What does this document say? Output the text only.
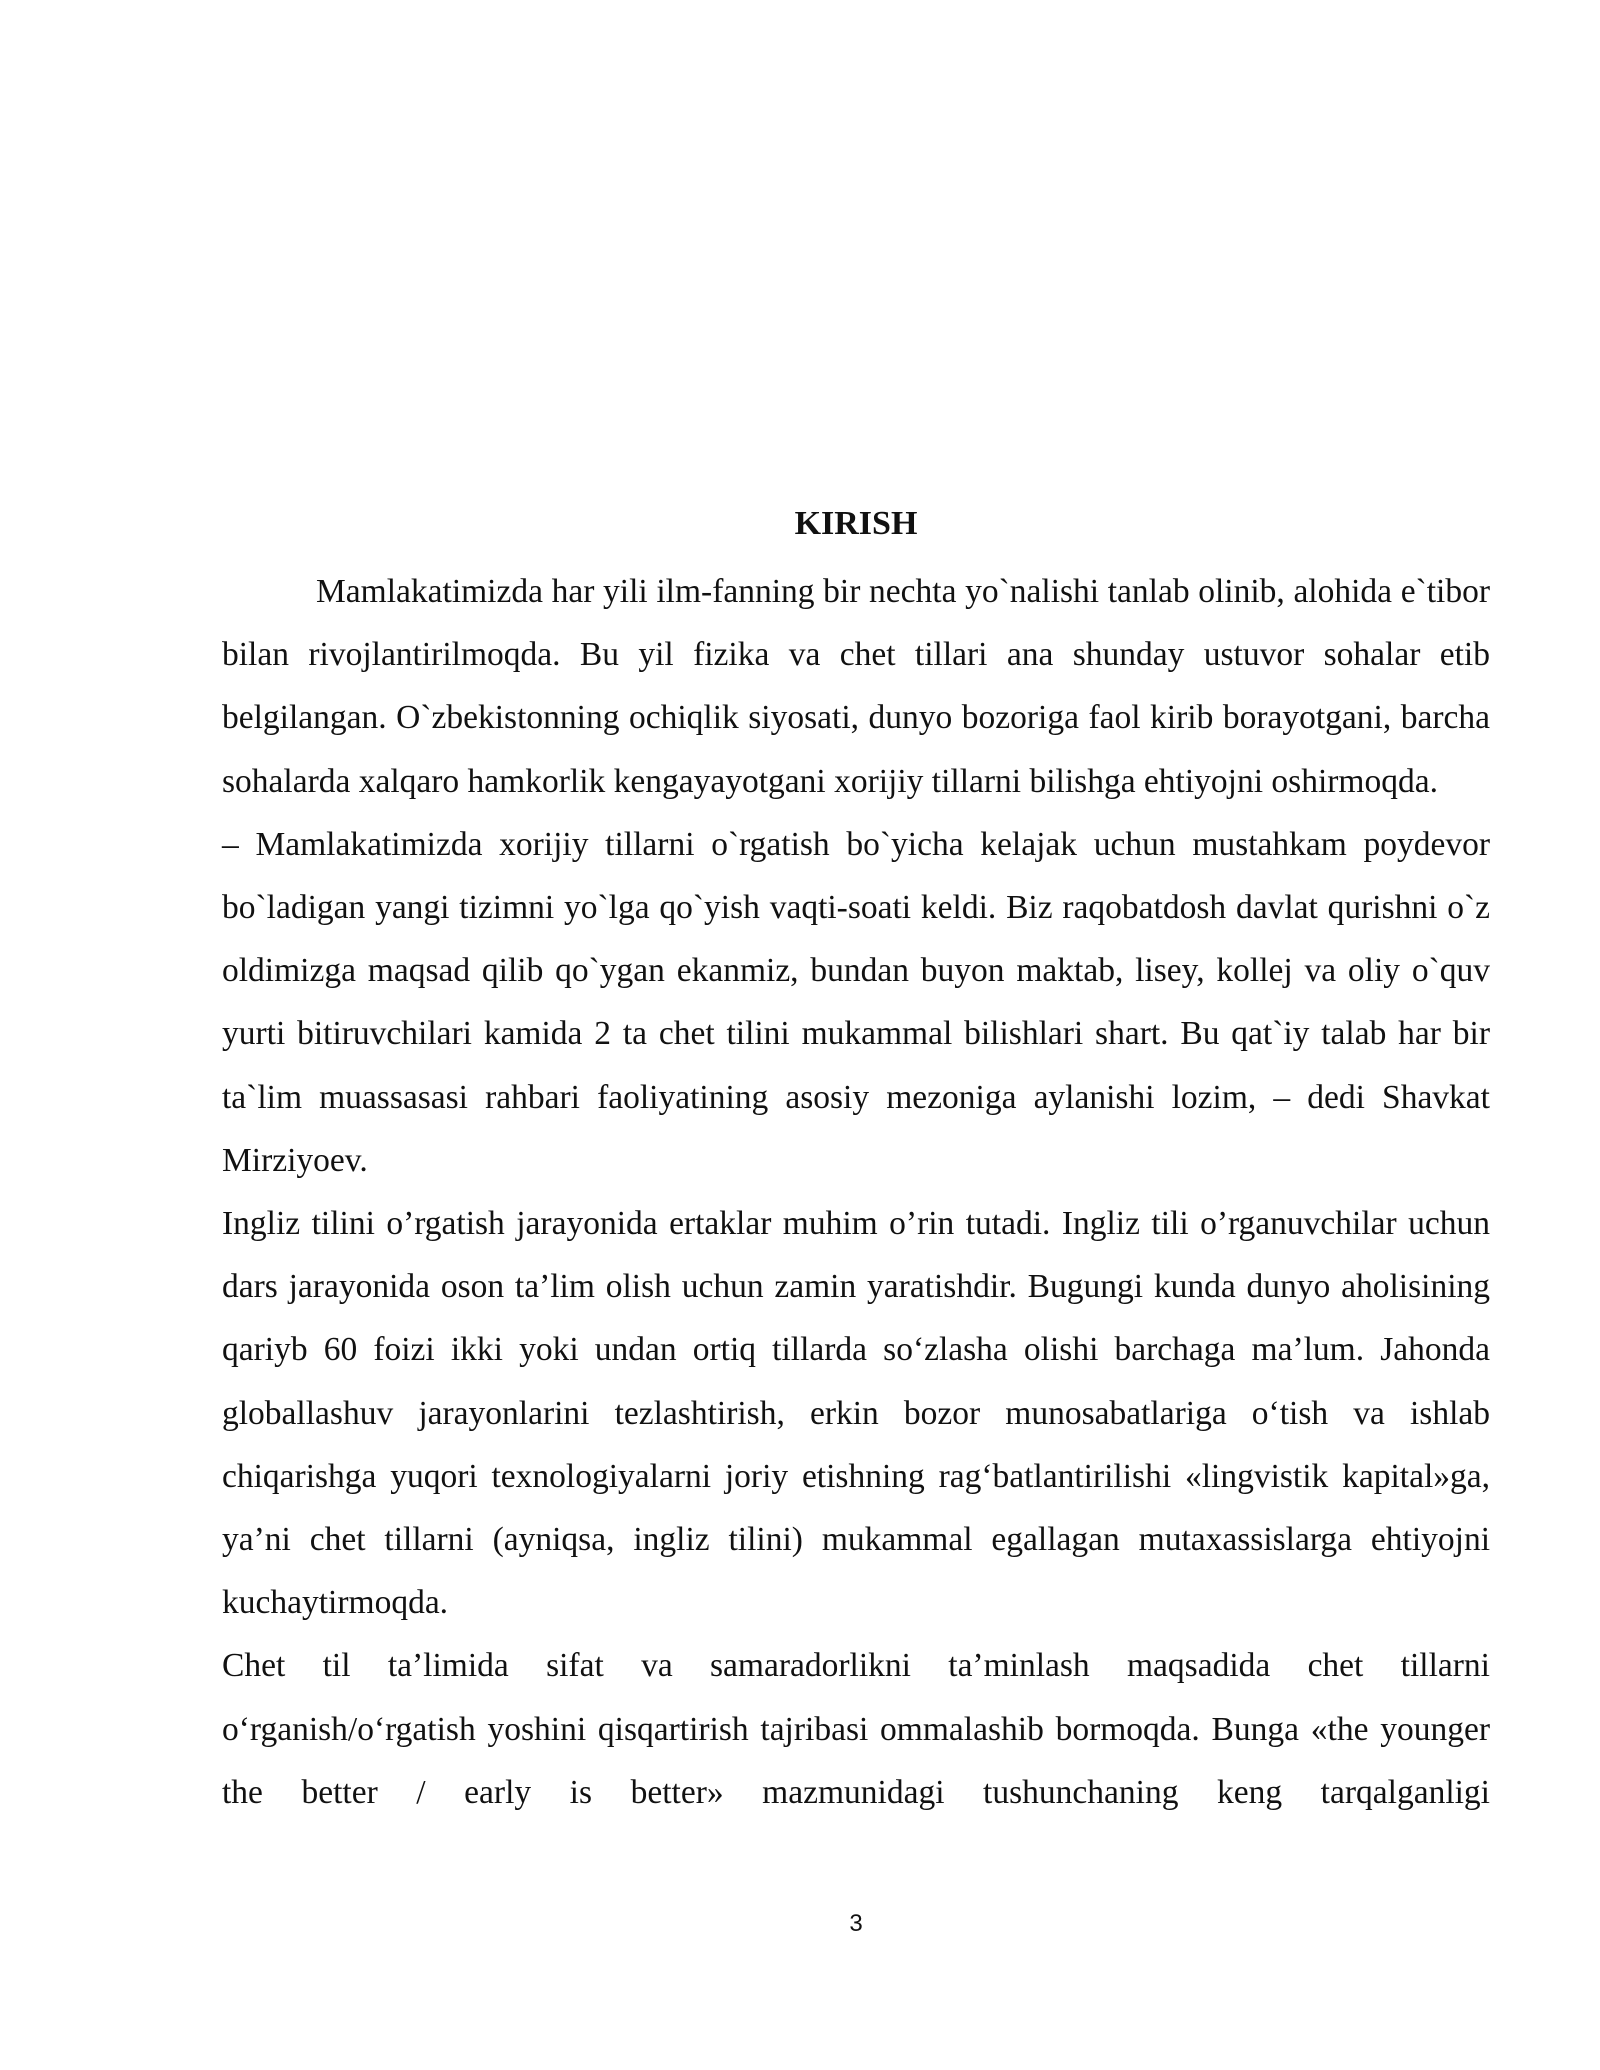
KIRISH

Mamlakatimizda har yili ilm-fanning bir nechta yo`nalishi tanlab olinib, alohida e`tibor bilan rivojlantirilmoqda. Bu yil fizika va chet tillari ana shunday ustuvor sohalar etib belgilangan. O`zbekistonning ochiqlik siyosati, dunyo bozoriga faol kirib borayotgani, barcha sohalarda xalqaro hamkorlik kengayayotgani xorijiy tillarni bilishga ehtiyojni oshirmoqda.

– Mamlakatimizda xorijiy tillarni o`rgatish bo`yicha kelajak uchun mustahkam poydevor bo`ladigan yangi tizimni yo`lga qo`yish vaqti-soati keldi. Biz raqobatdosh davlat qurishni o`z oldimizga maqsad qilib qo`ygan ekanmiz, bundan buyon maktab, lisey, kollej va oliy o`quv yurti bitiruvchilari kamida 2 ta chet tilini mukammal bilishlari shart. Bu qat`iy talab har bir ta`lim muassasasi rahbari faoliyatining asosiy mezoniga aylanishi lozim, – dedi Shavkat Mirziyoev.

Ingliz tilini o’rgatish jarayonida ertaklar muhim o’rin tutadi. Ingliz tili o’rganuvchilar uchun dars jarayonida oson ta’lim olish uchun zamin yaratishdir. Bugungi kunda dunyo aholisining qariyb 60 foizi ikki yoki undan ortiq tillarda so‘zlasha olishi barchaga ma’lum. Jahonda globallashuv jarayonlarini tezlashtirish, erkin bozor munosabatlariga o‘tish va ishlab chiqarishga yuqori texnologiyalarni joriy etishning rag‘batlantirilishi «lingvistik kapital»ga, ya’ni chet tillarni (ayniqsa, ingliz tilini) mukammal egallagan mutaxassislarga ehtiyojni kuchaytirmoqda.

Chet til ta’limida sifat va samaradorlikni ta’minlash maqsadida chet tillarni o‘rganish/o‘rgatish yoshini qisqartirish tajribasi ommalashib bormoqda. Bunga «the younger the better / early is better» mazmunidagi tushunchaning keng tarqalganligi

3
